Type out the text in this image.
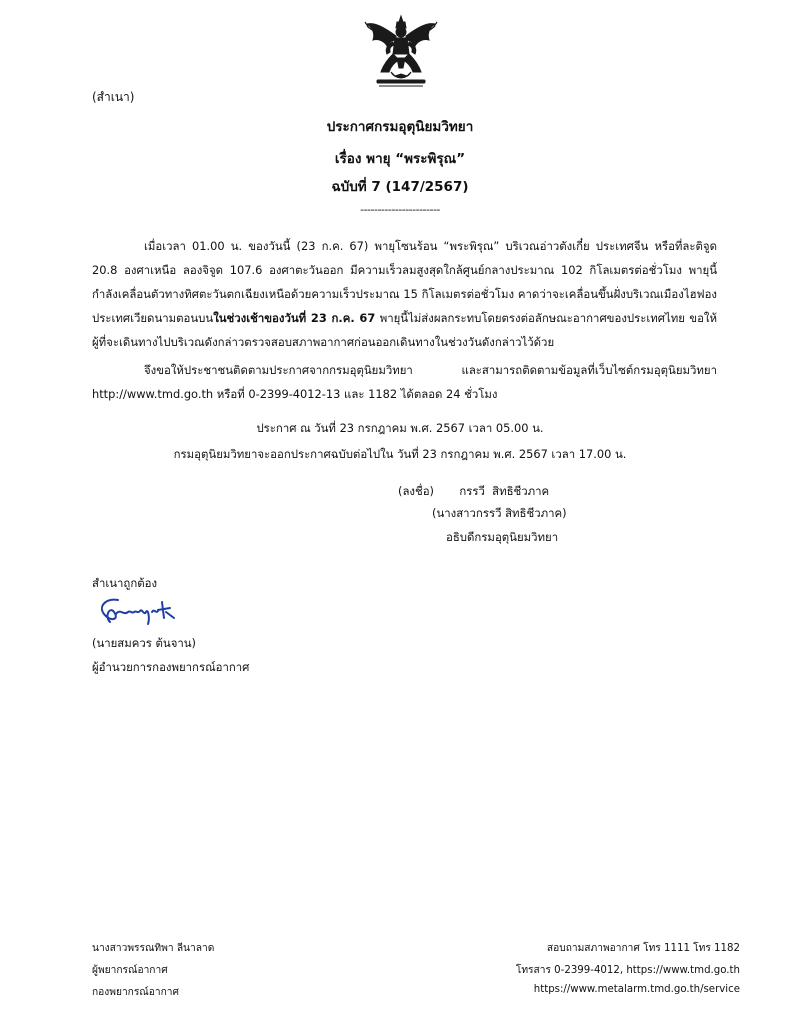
(สำเนา)
ประกาศกรมอุตุนิยมวิทยา
เรื่อง พายุ “พระพิรุณ”
ฉบับที่ 7 (147/2567)
-----------------------

เมื่อเวลา 01.00 น. ของวันนี้ (23 ก.ค. 67) พายุโซนร้อน “พระพิรุณ” บริเวณอ่าวตังเกี๋ย ประเทศจีน หรือที่ละติจูด 20.8 องศาเหนือ ลองจิจูด 107.6 องศาตะวันออก มีความเร็วลมสูงสุดใกล้ศูนย์กลางประมาณ 102 กิโลเมตรต่อชั่วโมง พายุนี้กำลังเคลื่อนตัวทางทิศตะวันตกเฉียงเหนือด้วยความเร็วประมาณ 15 กิโลเมตรต่อชั่วโมง คาดว่าจะเคลื่อนขึ้นฝั่งบริเวณเมืองไฮฟอง ประเทศเวียดนามตอนบนในช่วงเช้าของวันที่ 23 ก.ค. 67 พายุนี้ไม่ส่งผลกระทบโดยตรงต่อลักษณะอากาศของประเทศไทย ขอให้ผู้ที่จะเดินทางไปบริเวณดังกล่าวตรวจสอบสภาพอากาศก่อนออกเดินทางในช่วงวันดังกล่าวไว้ด้วย

จึงขอให้ประชาชนติดตามประกาศจากกรมอุตุนิยมวิทยา และสามารถติดตามข้อมูลที่เว็บไซต์กรมอุตุนิยมวิทยา http://www.tmd.go.th หรือที่ 0-2399-4012-13 และ 1182 ได้ตลอด 24 ชั่วโมง

ประกาศ ณ วันที่ 23 กรกฎาคม พ.ศ. 2567 เวลา 05.00 น.
กรมอุตุนิยมวิทยาจะออกประกาศฉบับต่อไปใน วันที่ 23 กรกฎาคม พ.ศ. 2567 เวลา 17.00 น.
(ลงชื่อ)       กรรวี  สิทธิชีวภาค
(นางสาวกรรวี สิทธิชีวภาค)
อธิบดีกรมอุตุนิยมวิทยา
สำเนาถูกต้อง
(นายสมควร ต้นจาน)
ผู้อำนวยการกองพยากรณ์อากาศ
นางสาวพรรณทิพา ลีนาลาด
ผู้พยากรณ์อากาศ
กองพยากรณ์อากาศ
สอบถามสภาพอากาศ โทร 1111 โทร 1182
โทรสาร 0-2399-4012, https://www.tmd.go.th
https://www.metalarm.tmd.go.th/service
